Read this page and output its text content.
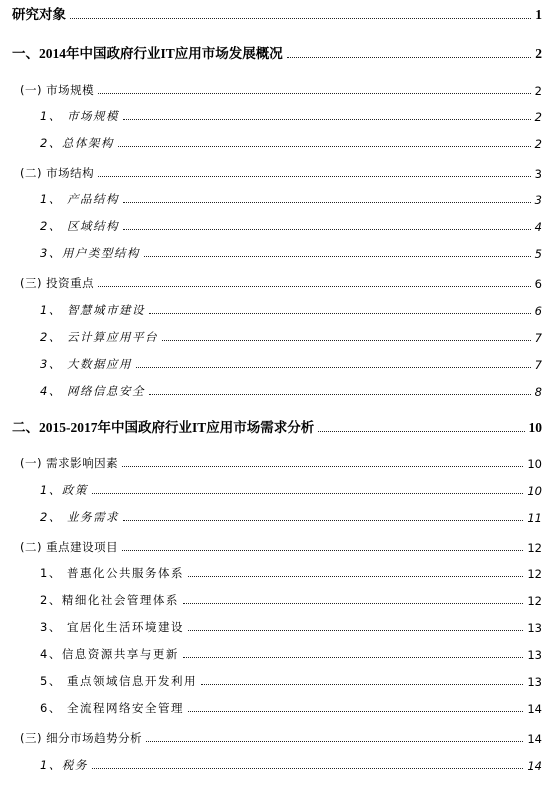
研究对象	1
一、2014年中国政府行业IT应用市场发展概况	2
(一) 市场规模	2
1、 市场规模	2
2、总体架构	2
(二) 市场结构	3
1、 产品结构	3
2、 区域结构	4
3、用户类型结构	5
(三) 投资重点	6
1、 智慧城市建设	6
2、 云计算应用平台	7
3、 大数据应用	7
4、 网络信息安全	8
二、2015-2017年中国政府行业IT应用市场需求分析	10
(一) 需求影响因素	10
1、政策	10
2、 业务需求	11
(二) 重点建设项目	12
1、 普惠化公共服务体系	12
2、精细化社会管理体系	12
3、 宜居化生活环境建设	13
4、信息资源共享与更新	13
5、 重点领域信息开发利用	13
6、 全流程网络安全管理	14
(三) 细分市场趋势分析	14
1、税务	14
